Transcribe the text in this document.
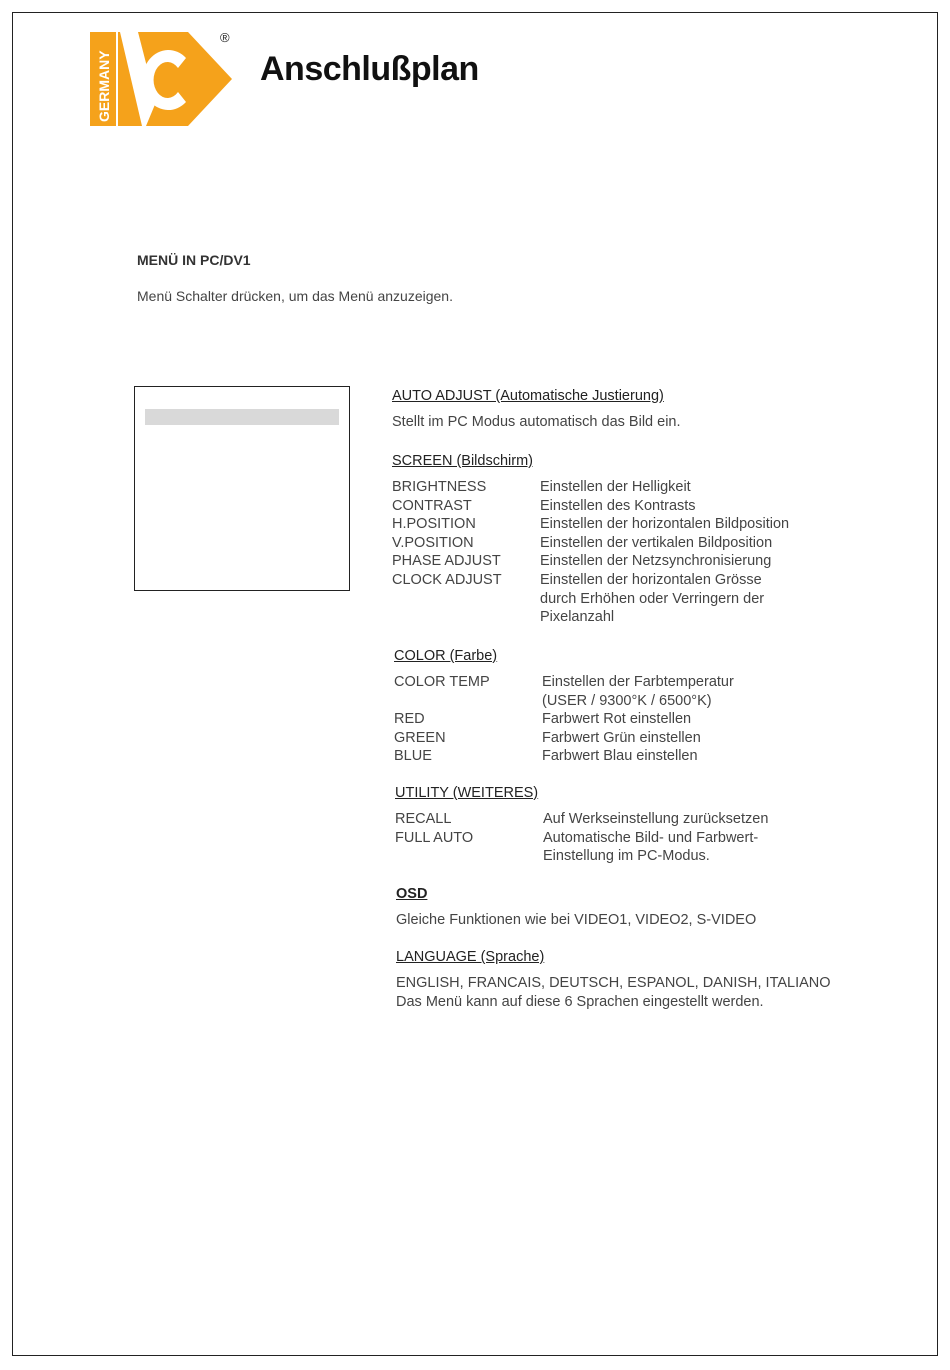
GERMANY
®
Anschlußplan
MENÜ IN PC/DV1
Menü Schalter drücken, um das Menü anzuzeigen.
AUTO ADJUST (Automatische Justierung)
Stellt im PC Modus automatisch das Bild ein.
SCREEN (Bildschirm)
BRIGHTNESS	Einstellen der Helligkeit
CONTRAST	Einstellen des Kontrasts
H.POSITION	Einstellen der horizontalen Bildposition
V.POSITION	Einstellen der vertikalen Bildposition
PHASE ADJUST	Einstellen der Netzsynchronisierung
CLOCK ADJUST	Einstellen der horizontalen Grösse
durch Erhöhen oder Verringern der
Pixelanzahl
COLOR (Farbe)
COLOR TEMP	Einstellen der Farbtemperatur
(USER / 9300°K / 6500°K)
RED	Farbwert Rot einstellen
GREEN	Farbwert Grün einstellen
BLUE	Farbwert Blau einstellen
UTILITY (WEITERES)
RECALL	Auf Werkseinstellung zurücksetzen
FULL AUTO	Automatische Bild- und Farbwert-
Einstellung im PC-Modus.
OSD
Gleiche Funktionen wie bei VIDEO1, VIDEO2, S-VIDEO
LANGUAGE (Sprache)
ENGLISH, FRANCAIS, DEUTSCH, ESPANOL, DANISH, ITALIANO
Das Menü kann auf diese 6 Sprachen eingestellt werden.
